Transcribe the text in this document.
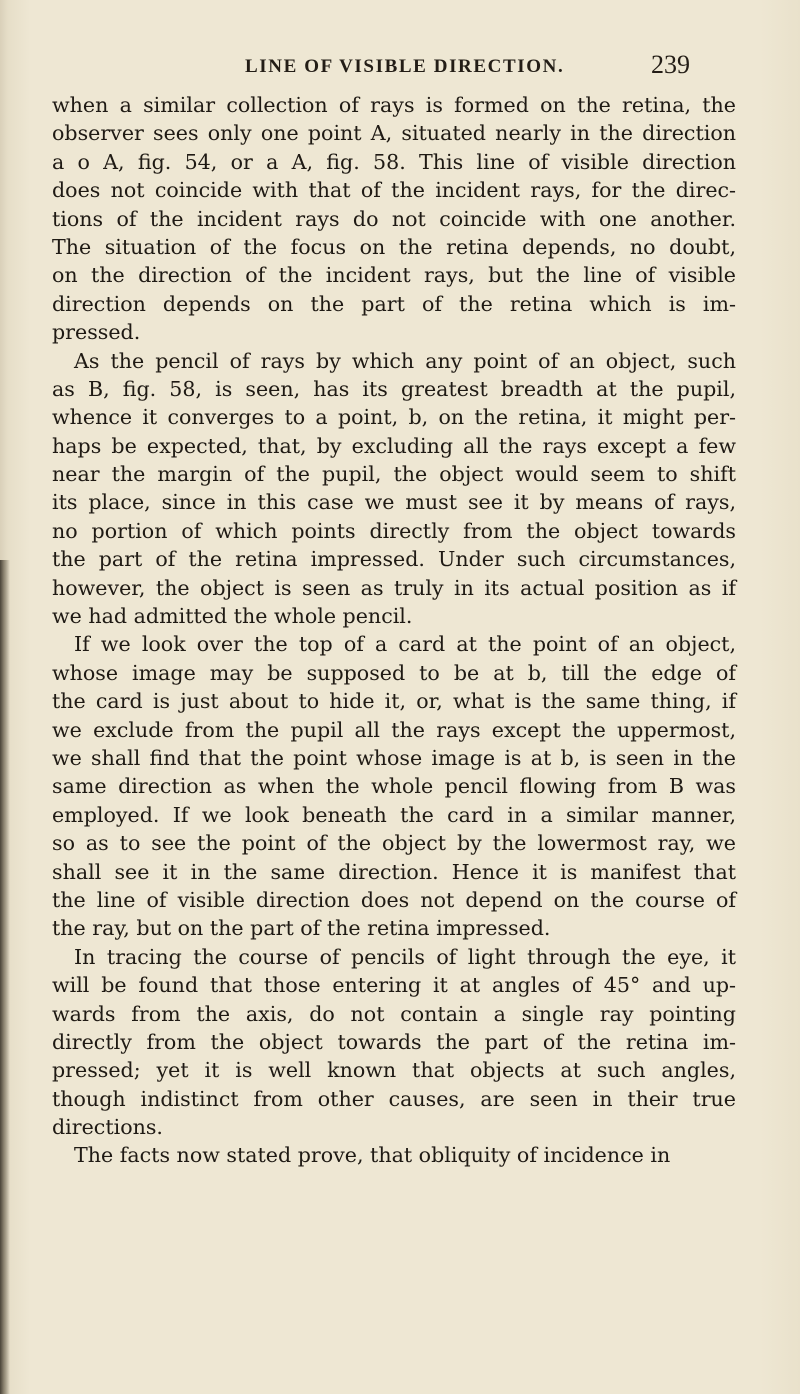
LINE OF VISIBLE DIRECTION.	239
when a similar collection of rays is formed on the retina, the
observer sees only one point A, situated nearly in the direction
a o A, fig. 54, or a A, fig. 58. This line of visible direction
does not coincide with that of the incident rays, for the direc-
tions of the incident rays do not coincide with one another.
The situation of the focus on the retina depends, no doubt,
on the direction of the incident rays, but the line of visible
direction depends on the part of the retina which is im-
pressed.
As the pencil of rays by which any point of an object, such
as B, fig. 58, is seen, has its greatest breadth at the pupil,
whence it converges to a point, b, on the retina, it might per-
haps be expected, that, by excluding all the rays except a few
near the margin of the pupil, the object would seem to shift
its place, since in this case we must see it by means of rays,
no portion of which points directly from the object towards
the part of the retina impressed. Under such circumstances,
however, the object is seen as truly in its actual position as if
we had admitted the whole pencil.
If we look over the top of a card at the point of an object,
whose image may be supposed to be at b, till the edge of
the card is just about to hide it, or, what is the same thing, if
we exclude from the pupil all the rays except the uppermost,
we shall find that the point whose image is at b, is seen in the
same direction as when the whole pencil flowing from B was
employed. If we look beneath the card in a similar manner,
so as to see the point of the object by the lowermost ray, we
shall see it in the same direction. Hence it is manifest that
the line of visible direction does not depend on the course of
the ray, but on the part of the retina impressed.
In tracing the course of pencils of light through the eye, it
will be found that those entering it at angles of 45° and up-
wards from the axis, do not contain a single ray pointing
directly from the object towards the part of the retina im-
pressed; yet it is well known that objects at such angles,
though indistinct from other causes, are seen in their true
directions.
The facts now stated prove, that obliquity of incidence in
